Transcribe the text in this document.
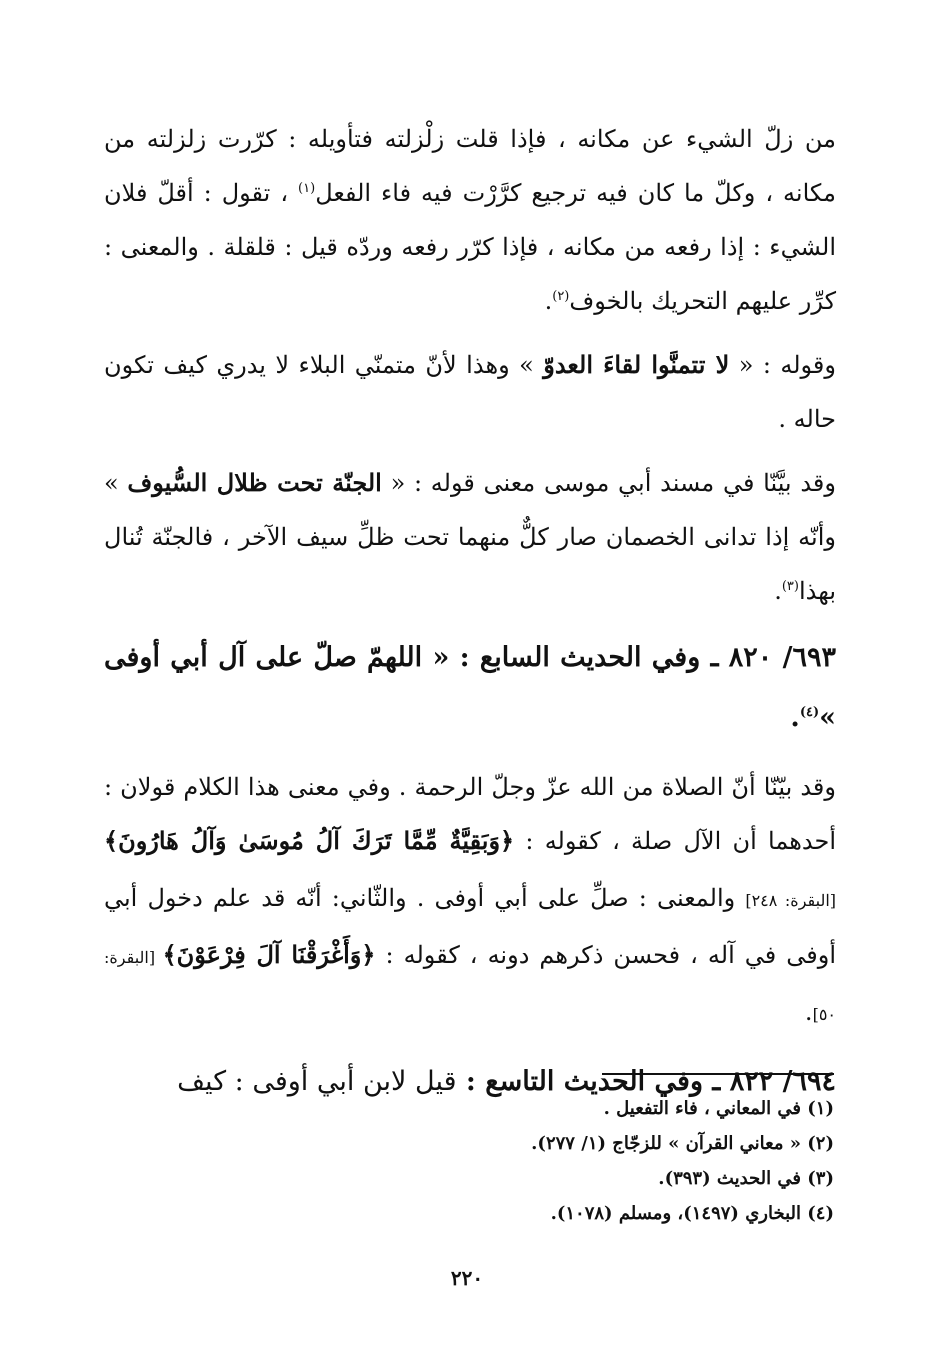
من زلّ الشيء عن مكانه ، فإذا قلت زلْزلته فتأويله : كرّرت زلزلته من مكانه ، وكلّ ما كان فيه ترجيع كرَّرْت فيه فاء الفعل$^{(١)}$ ، تقول : أقلّ فلان الشيء : إذا رفعه من مكانه ، فإذا كرّر رفعه وردّه قيل : قلقلة . والمعنى : كرِّر عليهم التحريك بالخوف$^{(٢)}$.

وقوله : « لا تتمنَّوا لقاءَ العدوّ » وهذا لأنّ متمنّي البلاء لا يدري كيف تكون حاله .

وقد بيَّنّا في مسند أبي موسى معنى قوله : « الجنّة تحت ظلال السُّيوف » وأنّه إذا تدانى الخصمان صار كلٌّ منهما تحت ظلِّ سيف الآخر ، فالجنّة تُنال بهذا$^{(٣)}$.

٦٩٣/ ٨٢٠ ـ وفي الحديث السابع : « اللهمّ صلّ على آل أبي أوفى »$^{(٤)}$.

وقد بيّنّا أنّ الصلاة من الله عزّ وجلّ الرحمة . وفي معنى هذا الكلام قولان : أحدهما أن الآل صلة ، كقوله : ﴿وَبَقِيَّةٌ مِّمَّا تَرَكَ آلُ مُوسَىٰ وَآلُ هَارُونَ﴾ [البقرة: ٢٤٨] والمعنى : صلِّ على أبي أوفى . والثّاني: أنّه قد علم دخول أبي أوفى في آله ، فحسن ذكرهم دونه ، كقوله : ﴿وَأَغْرَقْنَا آلَ فِرْعَوْنَ﴾ [البقرة: ٥٠].

٦٩٤/ ٨٢٢ ـ وفي الحديث التاسع : قيل لابن أبي أوفى : كيف

(١) في المعاني ، فاء التفعيل .

(٢) « معاني القرآن » للزجّاج (١/ ٢٧٧).

(٣) في الحديث (٣٩٣).

(٤) البخاري (١٤٩٧)، ومسلم (١٠٧٨).

٢٢٠
